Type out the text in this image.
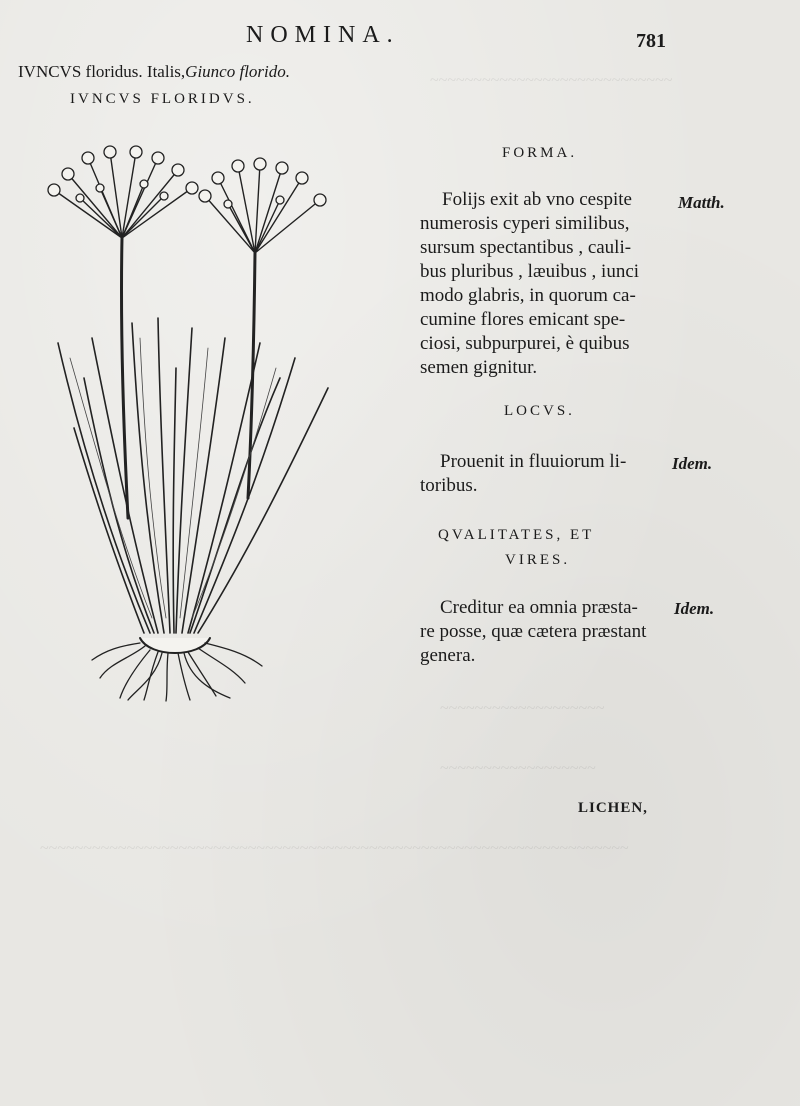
~~~~~~~~~~~~~~~~~~~~~~~~~~~~
~~~~~~~~~~~~~~~~~~~
~~~~~~~~~~~~~~~~~~
~~~~~~~~~~~~~~~~~~~~~~~~~~~~~~~~~~~~~~~~~~~~~~~~~~~~~~~~~~~~~~~~~~~~
NOMINA.	781
IVNCVS floridus. Italis,Giunco florido.
IVNCVS FLORIDVS.
FORMA.
Folijs exit ab vno cespite
numerosis cyperi similibus,
sursum spectantibus , cauli-
bus pluribus , læuibus , iunci
modo glabris, in quorum ca-
cumine flores emicant spe-
ciosi, subpurpurei, è quibus
semen gignitur.
Matth.
LOCVS.
Prouenit in fluuiorum li-
toribus.
Idem.
QVALITATES, ET
VIRES.
Creditur ea omnia præsta-
re posse, quæ cætera præstant
genera.
Idem.
LICHEN,
